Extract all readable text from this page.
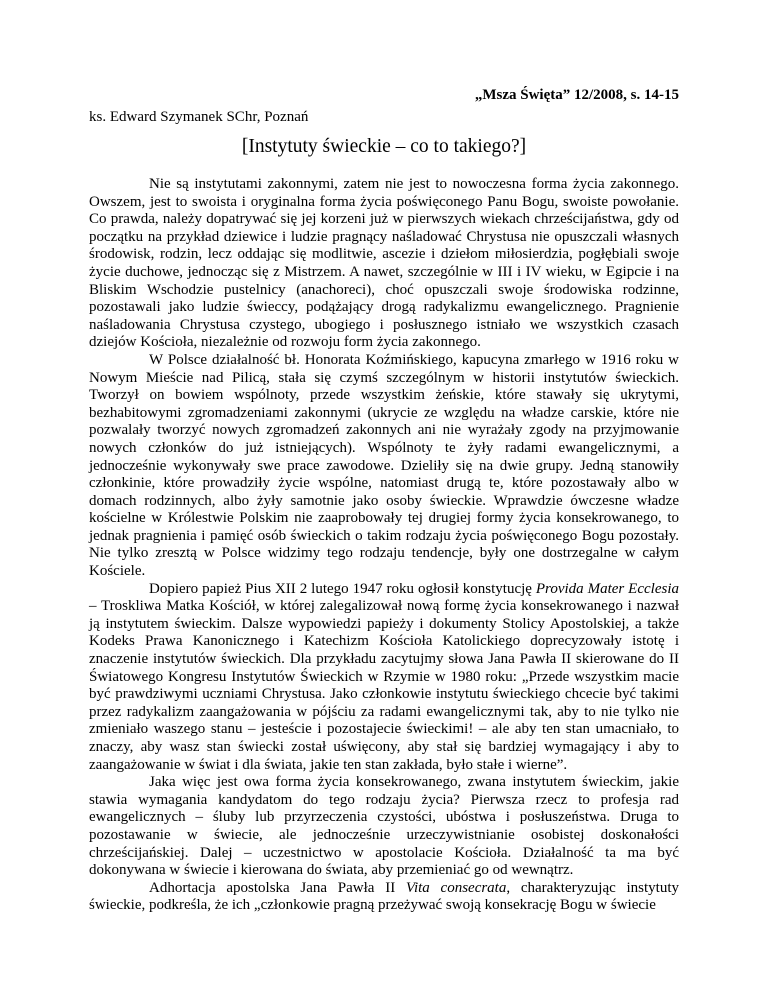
„Msza Święta” 12/2008, s. 14-15
ks. Edward Szymanek SChr, Poznań
[Instytuty świeckie – co to takiego?]

Nie są instytutami zakonnymi, zatem nie jest to nowoczesna forma życia zakonnego. Owszem, jest to swoista i oryginalna forma życia poświęconego Panu Bogu, swoiste powołanie. Co prawda, należy dopatrywać się jej korzeni już w pierwszych wiekach chrześcijaństwa, gdy od początku na przykład dziewice i ludzie pragnący naśladować Chrystusa nie opuszczali własnych środowisk, rodzin, lecz oddając się modlitwie, ascezie i dziełom miłosierdzia, pogłębiali swoje życie duchowe, jednocząc się z Mistrzem. A nawet, szczególnie w III i IV wieku, w Egipcie i na Bliskim Wschodzie pustelnicy (anachoreci), choć opuszczali swoje środowiska rodzinne, pozostawali jako ludzie świeccy, podążający drogą radykalizmu ewangelicznego. Pragnienie naśladowania Chrystusa czystego, ubogiego i posłusznego istniało we wszystkich czasach dziejów Kościoła, niezależnie od rozwoju form życia zakonnego.

W Polsce działalność bł. Honorata Koźmińskiego, kapucyna zmarłego w 1916 roku w Nowym Mieście nad Pilicą, stała się czymś szczególnym w historii instytutów świeckich. Tworzył on bowiem wspólnoty, przede wszystkim żeńskie, które stawały się ukrytymi, bezhabitowymi zgromadzeniami zakonnymi (ukrycie ze względu na władze carskie, które nie pozwalały tworzyć nowych zgromadzeń zakonnych ani nie wyrażały zgody na przyjmowanie nowych członków do już istniejących). Wspólnoty te żyły radami ewangelicznymi, a jednocześnie wykonywały swe prace zawodowe. Dzieliły się na dwie grupy. Jedną stanowiły członkinie, które prowadziły życie wspólne, natomiast drugą te, które pozostawały albo w domach rodzinnych, albo żyły samotnie jako osoby świeckie. Wprawdzie ówczesne władze kościelne w Królestwie Polskim nie zaaprobowały tej drugiej formy życia konsekrowanego, to jednak pragnienia i pamięć osób świeckich o takim rodzaju życia poświęconego Bogu pozostały. Nie tylko zresztą w Polsce widzimy tego rodzaju tendencje, były one dostrzegalne w całym Kościele.

Dopiero papież Pius XII 2 lutego 1947 roku ogłosił konstytucję Provida Mater Ecclesia – Troskliwa Matka Kościół, w której zalegalizował nową formę życia konsekrowanego i nazwał ją instytutem świeckim. Dalsze wypowiedzi papieży i dokumenty Stolicy Apostolskiej, a także Kodeks Prawa Kanonicznego i Katechizm Kościoła Katolickiego doprecyzowały istotę i znaczenie instytutów świeckich. Dla przykładu zacytujmy słowa Jana Pawła II skierowane do II Światowego Kongresu Instytutów Świeckich w Rzymie w 1980 roku: „Przede wszystkim macie być prawdziwymi uczniami Chrystusa. Jako członkowie instytutu świeckiego chcecie być takimi przez radykalizm zaangażowania w pójściu za radami ewangelicznymi tak, aby to nie tylko nie zmieniało waszego stanu – jesteście i pozostajecie świeckimi! – ale aby ten stan umacniało, to znaczy, aby wasz stan świecki został uświęcony, aby stał się bardziej wymagający i aby to zaangażowanie w świat i dla świata, jakie ten stan zakłada, było stałe i wierne”.

Jaka więc jest owa forma życia konsekrowanego, zwana instytutem świeckim, jakie stawia wymagania kandydatom do tego rodzaju życia? Pierwsza rzecz to profesja rad ewangelicznych – śluby lub przyrzeczenia czystości, ubóstwa i posłuszeństwa. Druga to pozostawanie w świecie, ale jednocześnie urzeczywistnianie osobistej doskonałości chrześcijańskiej. Dalej – uczestnictwo w apostolacie Kościoła. Działalność ta ma być dokonywana w świecie i kierowana do świata, aby przemieniać go od wewnątrz.

Adhortacja apostolska Jana Pawła II Vita consecrata, charakteryzując instytuty świeckie, podkreśla, że ich „członkowie pragną przeżywać swoją konsekrację Bogu w świecie
